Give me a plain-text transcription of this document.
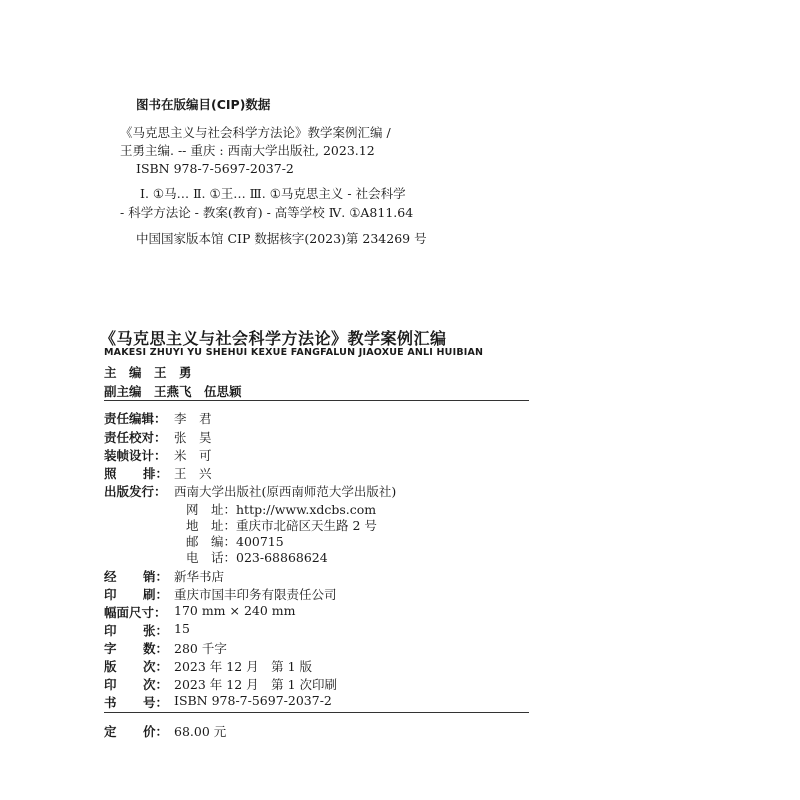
图书在版编目(CIP)数据
《马克思主义与社会科学方法论》教学案例汇编 /
王勇主编. -- 重庆 : 西南大学出版社, 2023.12
ISBN 978-7-5697-2037-2
Ⅰ. ①马… Ⅱ. ①王… Ⅲ. ①马克思主义 - 社会科学
- 科学方法论 - 教案(教育) - 高等学校 Ⅳ. ①A811.64
中国国家版本馆 CIP 数据核字(2023)第 234269 号
《马克思主义与社会科学方法论》教学案例汇编
MAKESI ZHUYI YU SHEHUI KEXUE FANGFALUN JIAOXUE ANLI HUIBIAN
主　编　王　勇
副主编　王燕飞　伍思颖
责任编辑： 李　君
责任校对： 张　昊
装帧设计： 米　可
照 排： 王　兴
出版发行： 西南大学出版社(原西南师范大学出版社)
网　址：http://www.xdcbs.com
地　址：重庆市北碚区天生路 2 号
邮　编：400715
电　话：023-68868624
经 销： 新华书店
印 刷： 重庆市国丰印务有限责任公司
幅面尺寸： 170 mm × 240 mm
印 张： 15
字 数： 280 千字
版 次： 2023 年 12 月　第 1 版
印 次： 2023 年 12 月　第 1 次印刷
书 号： ISBN 978-7-5697-2037-2
定 价： 68.00 元
